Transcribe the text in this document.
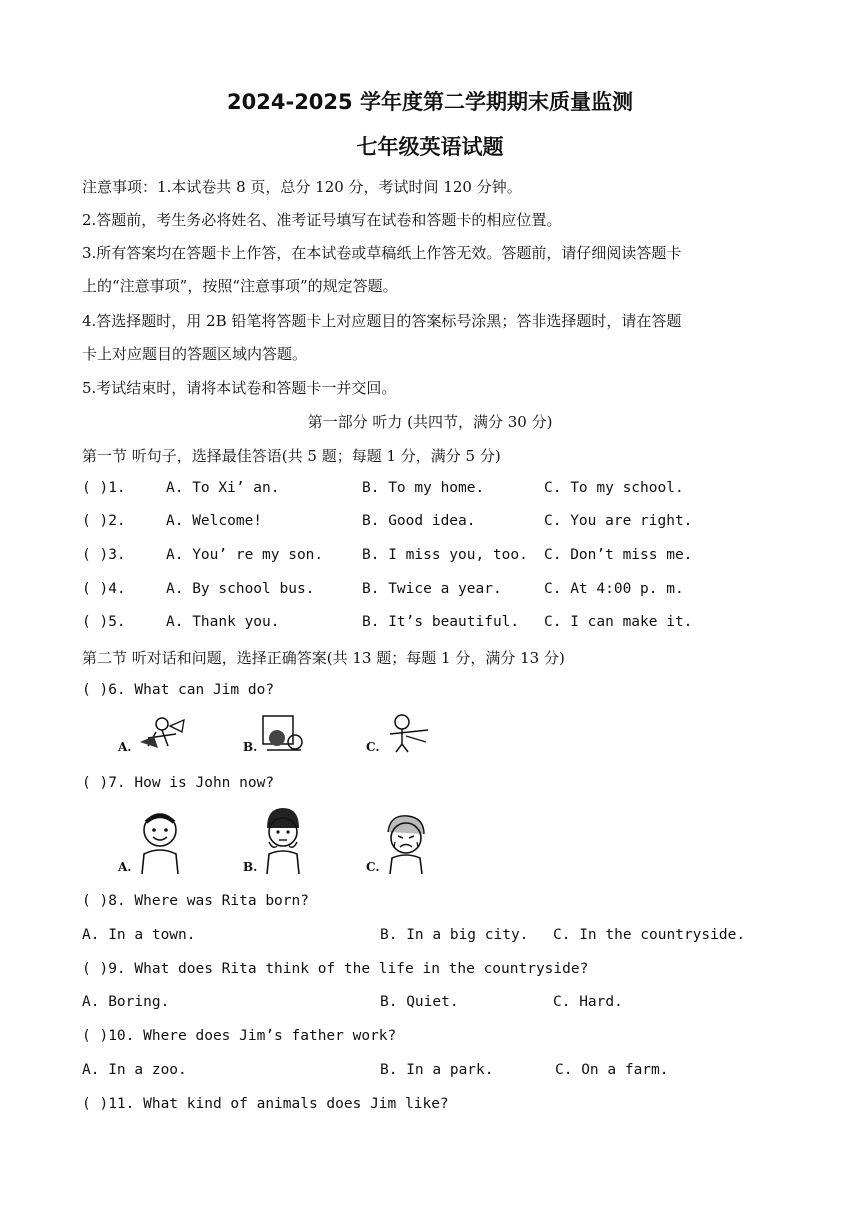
2024-2025 学年度第二学期期末质量监测
七年级英语试题
注意事项：1.本试卷共 8 页，总分 120 分，考试时间 120 分钟。
2.答题前，考生务必将姓名、准考证号填写在试卷和答题卡的相应位置。
3.所有答案均在答题卡上作答，在本试卷或草稿纸上作答无效。答题前，请仔细阅读答题卡
上的“注意事项”，按照“注意事项”的规定答题。
4.答选择题时，用 2B 铅笔将答题卡上对应题目的答案标号涂黑；答非选择题时，请在答题
卡上对应题目的答题区域内答题。
5.考试结束时，请将本试卷和答题卡一并交回。
第一部分 听力 (共四节，满分 30 分)
第一节 听句子，选择最佳答语(共 5 题；每题 1 分，满分 5 分)
( )1.	A. To Xi’ an.	B. To my home.	C. To my school.
( )2.	A. Welcome!	B. Good idea.	C. You are right.
( )3.	A. You’ re my son.	B. I miss you, too. C. Don’t miss me.
( )4.	A. By school bus.	B. Twice a year.	C. At 4:00 p. m.
( )5.	A. Thank you.	B. It’s beautiful. C. I can make it.
第二节 听对话和问题，选择正确答案(共 13 题；每题 1 分，满分 13 分)
( )6. What can Jim do?
A.	B.	C.
( )7. How is John now?
A.	B.	C.
( )8. Where was Rita born?
A. In a town.	B. In a big city. C. In the countryside.
( )9. What does Rita think of the life in the countryside?
A. Boring.	B. Quiet.	C. Hard.
( )10. Where does Jim’s father work?
A. In a zoo.	B. In a park.	C. On a farm.
( )11. What kind of animals does Jim like?
